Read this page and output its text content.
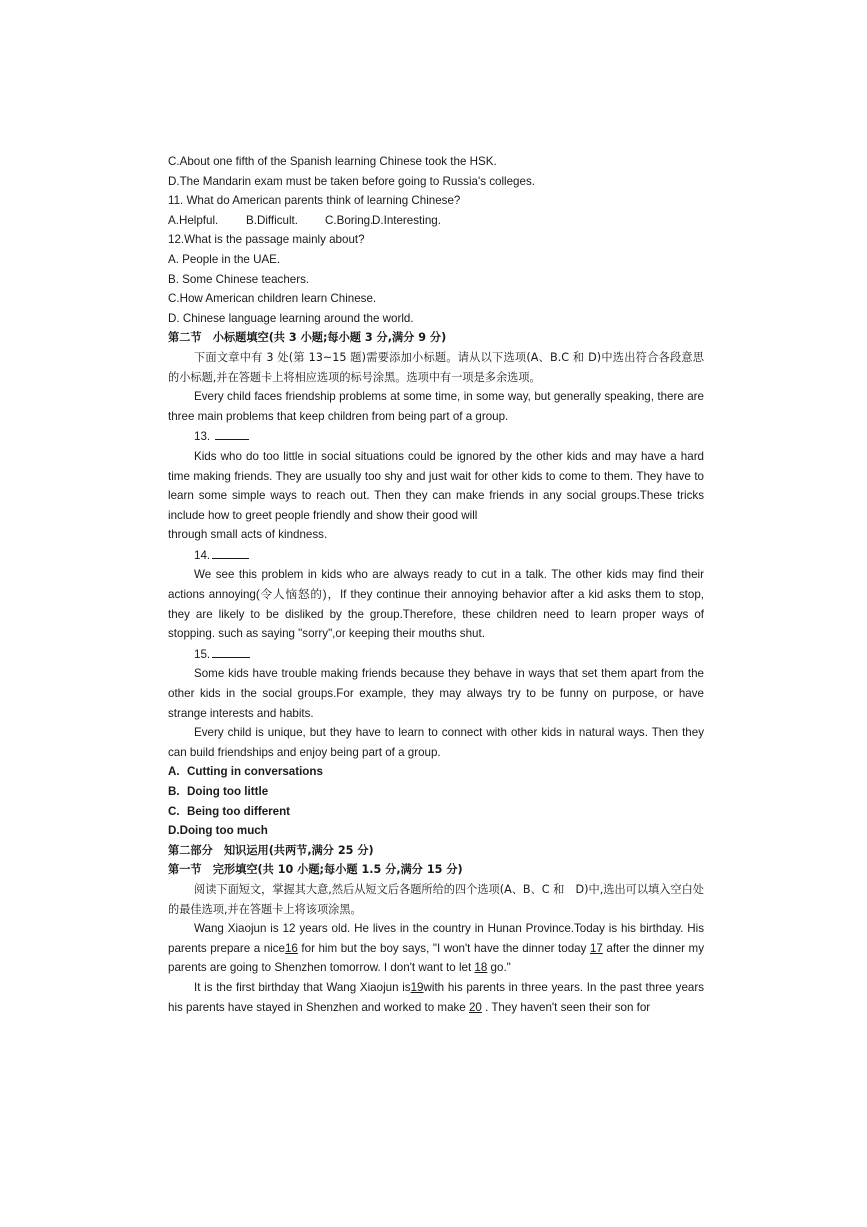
C.About one fifth of the Spanish learning Chinese took the HSK.
D.The Mandarin exam must be taken before going to Russia's colleges.
11. What do American parents think of learning Chinese?
A.Helpful. B.Difficult. C.Boring.D.Interesting.
12.What is the passage mainly about?
A. People in the UAE.
B. Some Chinese teachers.
C.How American children learn Chinese.
D. Chinese language learning around the world.
第二节　小标题填空(共 3 小题;每小题 3 分,满分 9 分)

下面文章中有 3 处(第 13~15 题)需要添加小标题。请从以下选项(A、B.C 和 D)中选出符合各段意思的小标题,并在答题卡上将相应选项的标号涂黑。选项中有一项是多余选项。

Every child faces friendship problems at some time, in some way, but generally speaking, there are three main problems that keep children from being part of a group.

13.

Kids who do too little in social situations could be ignored by the other kids and may have a hard time making friends. They are usually too shy and just wait for other kids to come to them. They have to learn some simple ways to reach out. Then they can make friends in any social groups.These tricks include how to greet people friendly and show their good will

through small acts of kindness.
14.

We see this problem in kids who are always ready to cut in a talk. The other kids may find their actions annoying(令人恼怒的)，If they continue their annoying behavior after a kid asks them to stop, they are likely to be disliked by the group.Therefore, these children need to learn proper ways of stopping. such as saying "sorry",or keeping their mouths shut.

15.

Some kids have trouble making friends because they behave in ways that set them apart from the other kids in the social groups.For example, they may always try to be funny on purpose, or have strange interests and habits.

Every child is unique, but they have to learn to connect with other kids in natural ways. Then they can build friendships and enjoy being part of a group.

A. Cutting in conversations
B. Doing too little
C. Being too different
D.Doing too much
第二部分　知识运用(共两节,满分 25 分)
第一节　完形填空(共 10 小题;每小题 1.5 分,满分 15 分)

阅读下面短文，掌握其大意,然后从短文后各题所给的四个选项(A、B、C 和　D)中,选出可以填入空白处的最佳选项,并在答题卡上将该项涂黑。

Wang Xiaojun is 12 years old. He lives in the country in Hunan Province.Today is his birthday. His parents prepare a nice16 for him but the boy says, "I won't have the dinner today 17 after the dinner my parents are going to Shenzhen tomorrow. I don't want to let 18 go."

It is the first birthday that Wang Xiaojun is19with his parents in three years. In the past three years his parents have stayed in Shenzhen and worked to make 20 . They haven't seen their son for
